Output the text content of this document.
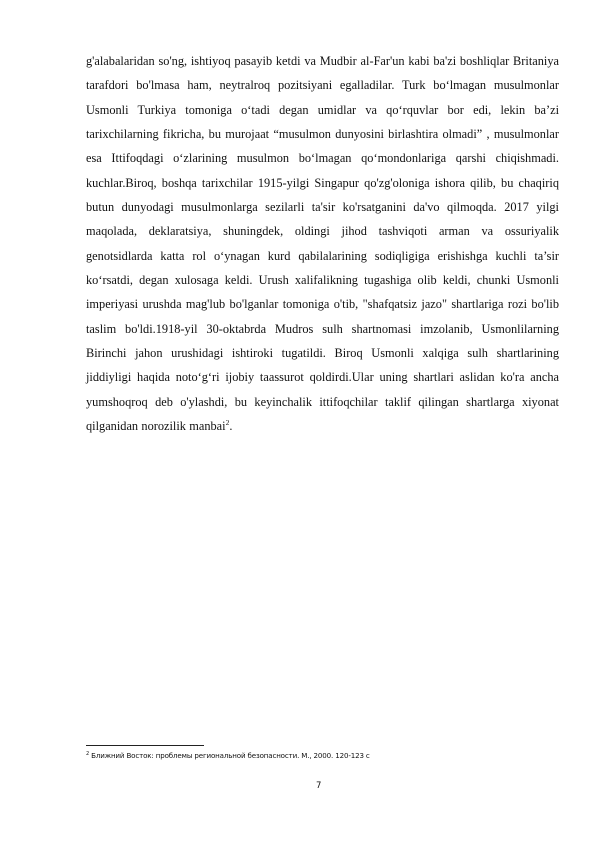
g'alabalaridan so'ng, ishtiyoq pasayib ketdi va Mudbir al-Far'un kabi ba'zi boshliqlar Britaniya tarafdori bo'lmasa ham, neytralroq pozitsiyani egalladilar. Turk bo‘lmagan musulmonlar Usmonli Turkiya tomoniga o‘tadi degan umidlar va qo‘rquvlar bor edi, lekin ba’zi tarixchilarning fikricha, bu murojaat “musulmon dunyosini birlashtira olmadi” , musulmonlar esa Ittifoqdagi o‘zlarining musulmon bo‘lmagan qo‘mondonlariga qarshi chiqishmadi. kuchlar.Biroq, boshqa tarixchilar 1915-yilgi Singapur qo'zg'oloniga ishora qilib, bu chaqiriq butun dunyodagi musulmonlarga sezilarli ta'sir ko'rsatganini da'vo qilmoqda. 2017 yilgi maqolada, deklaratsiya, shuningdek, oldingi jihod tashviqoti arman va ossuriyalik genotsidlarda katta rol o‘ynagan kurd qabilalarining sodiqligiga erishishga kuchli ta’sir ko‘rsatdi, degan xulosaga keldi. Urush xalifalikning tugashiga olib keldi, chunki Usmonli imperiyasi urushda mag'lub bo'lganlar tomoniga o'tib, "shafqatsiz jazo" shartlariga rozi bo'lib taslim bo'ldi.1918-yil 30-oktabrda Mudros sulh shartnomasi imzolanib, Usmonlilarning Birinchi jahon urushidagi ishtiroki tugatildi. Biroq Usmonli xalqiga sulh shartlarining jiddiyligi haqida noto‘g‘ri ijobiy taassurot qoldirdi.Ular uning shartlari aslidan ko'ra ancha yumshoqroq deb o'ylashdi, bu keyinchalik ittifoqchilar taklif qilingan shartlarga xiyonat qilganidan norozilik manbai$^2$.

$^2$ Ближний Восток: проблемы региональной безопасности. М., 2000. 120-123 с
7
